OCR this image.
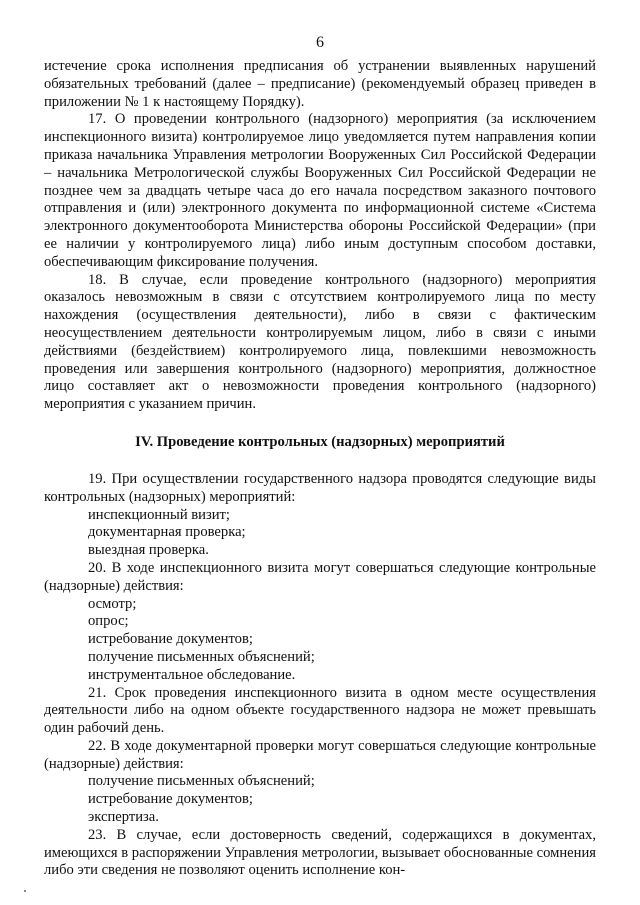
6

истечение срока исполнения предписания об устранении выявленных нарушений обязательных требований (далее – предписание) (рекомендуемый образец приведен в приложении № 1 к настоящему Порядку).

17. О проведении контрольного (надзорного) мероприятия (за исключением инспекционного визита) контролируемое лицо уведомляется путем направления копии приказа начальника Управления метрологии Вооруженных Сил Российской Федерации – начальника Метрологической службы Вооруженных Сил Российской Федерации не позднее чем за двадцать четыре часа до его начала посредством заказного почтового отправления и (или) электронного документа по информационной системе «Система электронного документооборота Министерства обороны Российской Федерации» (при ее наличии у контролируемого лица) либо иным доступным способом доставки, обеспечивающим фиксирование получения.

18. В случае, если проведение контрольного (надзорного) мероприятия оказалось невозможным в связи с отсутствием контролируемого лица по месту нахождения (осуществления деятельности), либо в связи с фактическим неосуществлением деятельности контролируемым лицом, либо в связи с иными действиями (бездействием) контролируемого лица, повлекшими невозможность проведения или завершения контрольного (надзорного) мероприятия, должностное лицо составляет акт о невозможности проведения контрольного (надзорного) мероприятия с указанием причин.

IV. Проведение контрольных (надзорных) мероприятий

19. При осуществлении государственного надзора проводятся следующие виды контрольных (надзорных) мероприятий:

инспекционный визит;

документарная проверка;

выездная проверка.

20. В ходе инспекционного визита могут совершаться следующие контрольные (надзорные) действия:

осмотр;

опрос;

истребование документов;

получение письменных объяснений;

инструментальное обследование.

21. Срок проведения инспекционного визита в одном месте осуществления деятельности либо на одном объекте государственного надзора не может превышать один рабочий день.

22. В ходе документарной проверки могут совершаться следующие контрольные (надзорные) действия:

получение письменных объяснений;

истребование документов;

экспертиза.

23. В случае, если достоверность сведений, содержащихся в документах, имеющихся в распоряжении Управления метрологии, вызывает обоснованные сомнения либо эти сведения не позволяют оценить исполнение кон-
